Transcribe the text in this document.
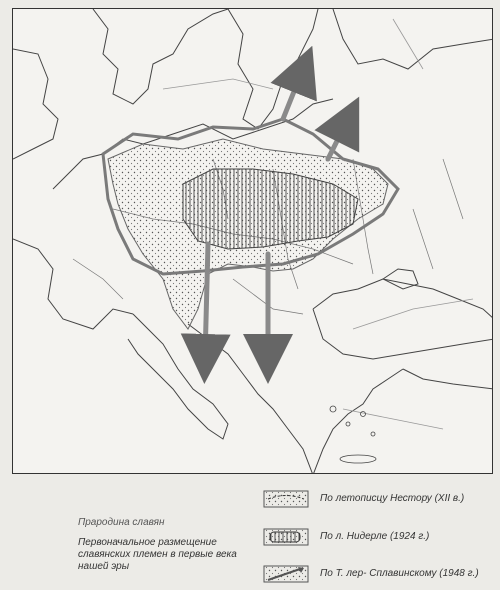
Прародина славян
Первоначальное размещение славянских племен в первые века нашей эры
По летописцу Нестору (XII в.)
По л. Нидерле (1924 г.)
По Т. лер- Сплавинскому (1948 г.)
